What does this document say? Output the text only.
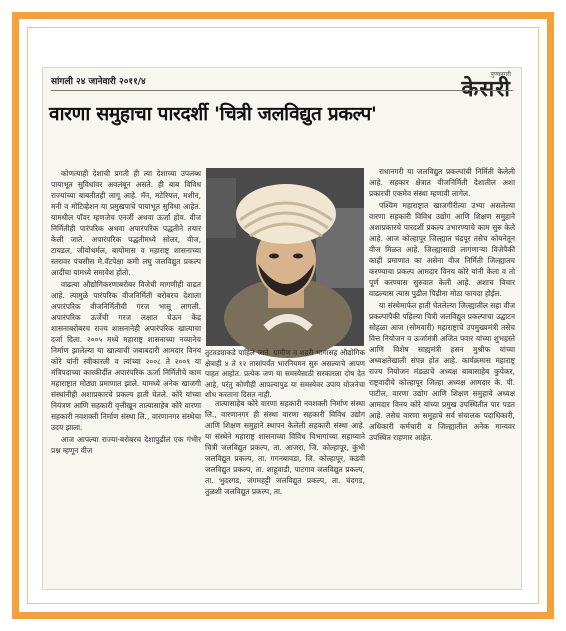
सांगली २४ जानेवारी २०११/४
पुण्यनगरी
केसरी
वारणा समुहाचा पारदर्शी 'चित्री जलविद्युत प्रकल्प'

कोणत्याही देशाची प्रगती ही त्या देशाच्या उपलब्ध पायाभूत सुविधांवर अवलंबून असते. ही बाब विविध राज्यांच्या बाबतीतही लागू आहे. मॅन, मटेरियल, मशीन, मनी व मोटिव्हेशन या प्रमुखपाचे पायाभूत सुविधा आहेत. यामधील पॉवर म्हणजेच एनर्जी अथवा ऊर्जा होय. वीज निर्मितीही पारंपरिक अथवा अपारंपरिक पद्धतीने तयार केली जाते. अपारंपरिक पद्धतीमध्ये सोलर, वीज, टायडल, जीयोथर्मल, बायोमास व महाराष्ट्र शासनाच्या स्तरावर पंचसीस मे.वॅटपेक्षा कमी लघु जलविद्युत प्रकल्प आदींचा यामध्ये समावेश होतो.

वाढत्या औद्योगिकरणाबरोबर विजेची मागणीही वाढत आहे. त्यामुळे पारंपरिक वीजनिर्मिती बरोबरच देशाला अपारंपरिक वीजनिर्मितीची गरज भासू लागली. अपारंपरिक ऊर्जेची गरज लक्षात घेऊन केंद्र शासनाबरोबरच राज्य शासनानेही अपारंपरिक खात्याचा दर्जा दिला. २००५ मध्ये महाराष्ट्र शासनाच्या नव्यानेच निर्माण झालेल्या या खात्याची जबाबदारी आमदार विनय कोरे यांनी स्वीकारली व त्यांच्या २००८ ते २००९ या मंत्रिपदाच्या कारकीर्दीत अपारंपरिक ऊर्जा निर्मितीचे काम महाराष्ट्रात मोठ्या प्रमाणात झाले. यामध्ये अनेक खाजगी संस्थांनीही अशाप्रकारचे प्रकल्प हाती घेतले. कोरे यांच्या नियंत्रण आणि सहकारी वृत्तीखून तात्यासाहेब कोरे वारणा सहकारी नवशक्ती निर्माण संस्था लि., वारणानगर संस्थेचा उदय झाला.

आज आपल्या राज्या-बरोबरच देशापुढीलं एक गंभीर प्रश्न म्हणून वीज

तुटवड्याकडे पाहिले जाते. ग्रामीण व शहरी भागासह औद्योगिक क्षेत्राही ४ ते १२ तासांपर्यंत भारनियमन सुरु असल्याचे आपण पाहत आहोत. प्रत्येक जण या समस्येसाठी सरकारला दोष देत आहे, परंतु कोणीही आपल्यापुढ या समस्येवर उपाय योजनेचा शोध करताना दिसत नाही.

तात्यासाहेब कोरे वारणा सहकारी नवशक्ती निर्माण संस्था लि., वारणानगर ही संस्था वारणा सहकारी विविध उद्योग आणि शिक्षण समुहाने स्थापन केलेली सहकारी संस्था आहे. या संस्थेने महाराष्ट्र शासनाच्या विविध विभागांच्या सहाय्याने चित्री जलविद्युत प्रकल्प, ता. आजरा, जि. कोल्हापूर, कुंभी जलविद्युत प्रकल्प, ता. गगनबावडा, जि. कोल्हापूर, कडवी जलविद्युत प्रकल्प, ता. शाहूवाडी, पाटगाव जलविद्युत प्रकल्प, ता. भुदरगड, जंगमहट्टी जलविद्युत प्रकल्प, ता. चंदगड, तुळशी जलविद्युत प्रकल्प, ता.

राधानगरी या जलविद्युत प्रकल्पांची निर्मिती केलेली आहे. सहकार क्षेत्रात वीजनिर्मिती देशातील अशा प्रकारची एकमेव संस्था म्हणावी लागेल.

पश्चिम महाराष्ट्रात खाजगीरीत्या उभ्या असलेल्या वारणा सहकारी विविध उद्योग आणि शिक्षण समुहाने अशाप्रकारचे पारदर्शी प्रकल्प उभारण्याचे काम सुरु केले आहे. आज कोल्हापूर जिल्ह्यात चंद्रपूर तसेच कोयनेतून वीज मिळत आहे. जिल्ह्यासाठी लागणाऱ्या विजेपैकी काही प्रमाणात का असेना वीज निर्मिती जिल्ह्यातच करण्याचा प्रकल्प आमदार विनय कोरे यांनी केला व तो पूर्ण करण्यास सुरुवात केली आहे. अशाच विचार वाढल्यास त्यास पुढील पिढीना मोठा फायदा होईल.

या संस्थेमार्फत हाती घेतलेल्या जिल्ह्यातील सहा वीज प्रकल्पांपैकी पहिल्या चित्री जलविद्युत प्रकल्पाचा उद्घाटन सोहळा आज (सोमवारी) महाराष्ट्राचे उपमुख्यमंत्री तसेच वित्त नियोजन व ऊर्जामंत्री अजित पवार यांच्या शुभहस्ते आणि विशेष साह्यमंत्री हसन मुश्रीफ यांच्या अध्यक्षतेखाली संपन्न होत आहे. कार्यक्रमास महाराष्ट्र राज्य नियोजन मंडळाचे अध्यक्ष बाबासाहेब कुपेकर, राष्ट्रवादीचे कोल्हापूर जिल्हा अध्यक्ष आमदार के. पी. पाटील, वारणा उद्योग आणि शिक्षण समुहाचे अध्यक्ष आमदार विनय कोरे यांच्या प्रमुख उपस्थितीत पार पडत आहे. तसेच वारणा समुहाचे सर्व संचालक पदाधिकारी, अधिकारी कर्मचारी व जिल्ह्यातील अनेक मान्यवर उपस्थित राहणार आहेत.
